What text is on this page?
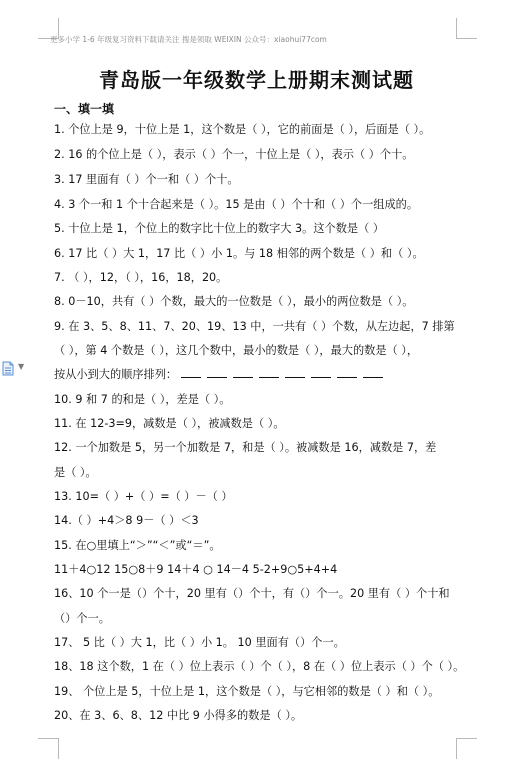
更多小学 1-6 年级复习资料下载请关注 搜是领取 WEIXIN 公众号：xiaohui77com
青岛版一年级数学上册期末测试题
一、填一填
1. 个位上是 9，十位上是 1，这个数是（ ），它的前面是（ ），后面是（ ）。
2. 16 的个位上是（ ），表示（ ）个一，十位上是（ ），表示（ ）个十。
3. 17 里面有（ ）个一和（ ）个十。
4. 3 个一和 1 个十合起来是（ ）。15 是由（ ）个十和（ ）个一组成的。
5. 十位上是 1，个位上的数字比十位上的数字大 3。这个数是（ ）
6. 17 比（ ）大 1，17 比（ ）小 1。与 18 相邻的两个数是（ ）和（ ）。
7. （ ），12，（ ），16，18，20。
8. 0－10，共有（ ）个数，最大的一位数是（ ），最小的两位数是（ ）。
9. 在 3、5、8、11、7、20、19、13 中，一共有（ ）个数，从左边起，7 排第
（ ），第 4 个数是（ ），这几个数中，最小的数是（ ），最大的数是（ ），
按从小到大的顺序排列：
10. 9 和 7 的和是（ ），差是（ ）。
11. 在 12-3=9，减数是（ ），被减数是（ ）。
12. 一个加数是 5，另一个加数是 7，和是（ ）。被减数是 16，减数是 7，差
是（ ）。
13. 10=（ ）+（ ）=（ ）－（ ）
14.（ ）+4＞8 9－（ ）＜3
15. 在○里填上“＞”“＜”或“＝”。
11＋4○12 15○8＋9 14＋4 ○ 14－4 5-2+9○5+4+4
16、10 个一是（）个十，20 里有（）个十，有（）个一。20 里有（ ）个十和
（）个一。
17、 5 比（ ）大 1，比（ ）小 1。 10 里面有（）个一。
18、18 这个数，1 在（ ）位上表示（ ）个（ ），8 在（ ）位上表示（ ）个（ ）。
19、 个位上是 5，十位上是 1，这个数是（ ），与它相邻的数是（ ）和（ ）。
20、在 3、6、8、12 中比 9 小得多的数是（ ）。
▼
